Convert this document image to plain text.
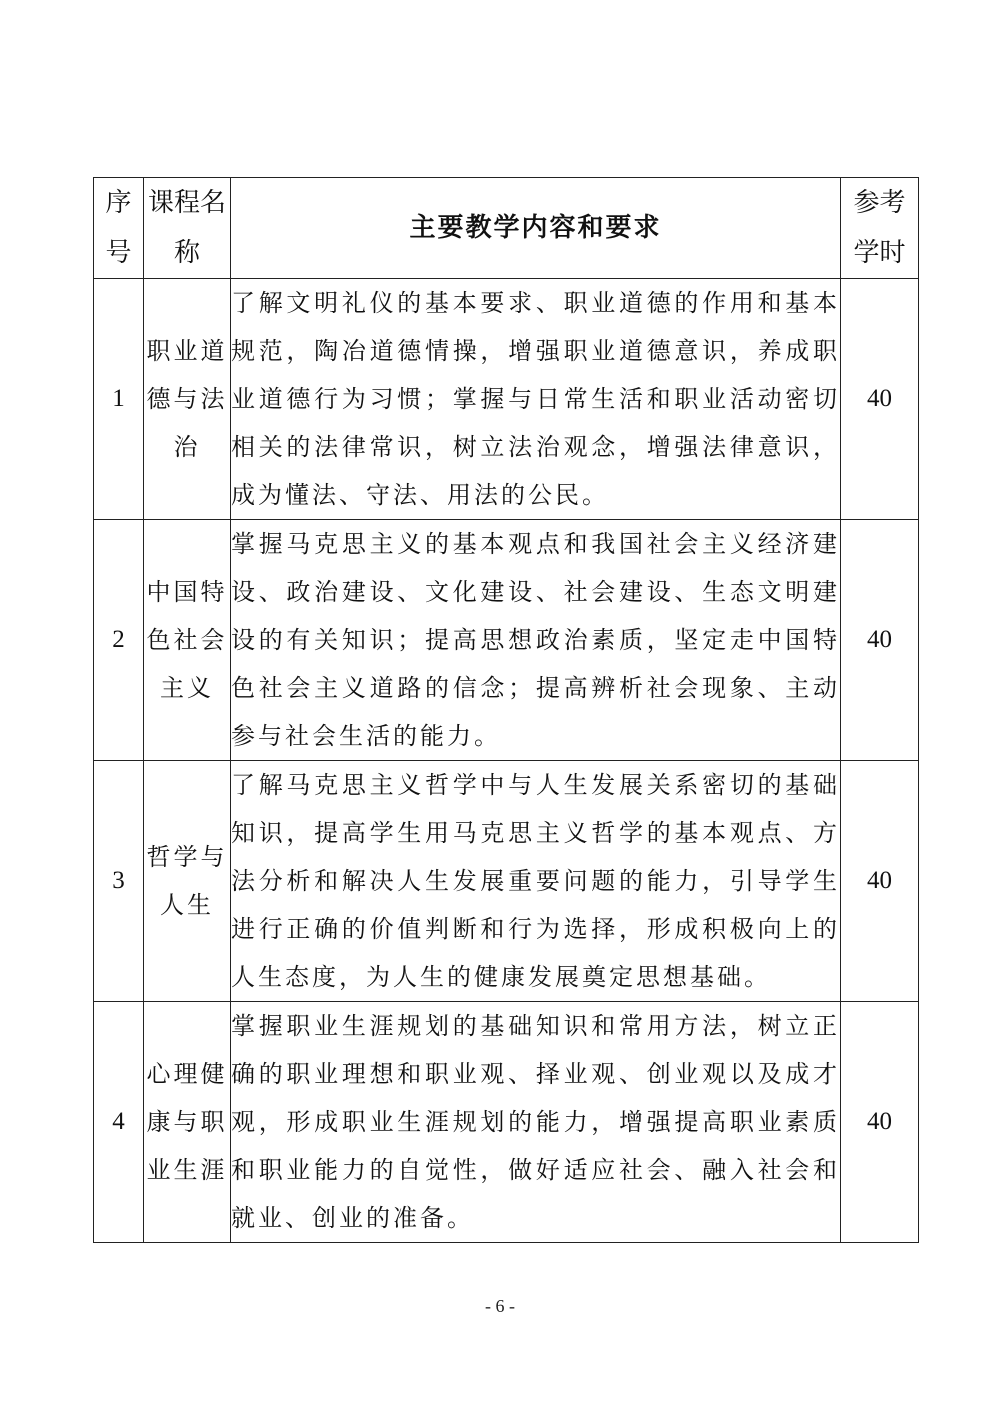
序号	课程名称	主要教学内容和要求	参考学时
1	职业道德与法治	了解文明礼仪的基本要求、职业道德的作用和基本规范，陶冶道德情操，增强职业道德意识，养成职业道德行为习惯；掌握与日常生活和职业活动密切相关的法律常识，树立法治观念，增强法律意识，成为懂法、守法、用法的公民。	40
2	中国特色社会主义	掌握马克思主义的基本观点和我国社会主义经济建设、政治建设、文化建设、社会建设、生态文明建设的有关知识；提高思想政治素质，坚定走中国特色社会主义道路的信念；提高辨析社会现象、主动参与社会生活的能力。	40
3	哲学与人生	了解马克思主义哲学中与人生发展关系密切的基础知识，提高学生用马克思主义哲学的基本观点、方法分析和解决人生发展重要问题的能力，引导学生进行正确的价值判断和行为选择，形成积极向上的人生态度，为人生的健康发展奠定思想基础。	40
4	心理健康与职业生涯	掌握职业生涯规划的基础知识和常用方法，树立正确的职业理想和职业观、择业观、创业观以及成才观，形成职业生涯规划的能力，增强提高职业素质和职业能力的自觉性，做好适应社会、融入社会和就业、创业的准备。	40
- 6 -
